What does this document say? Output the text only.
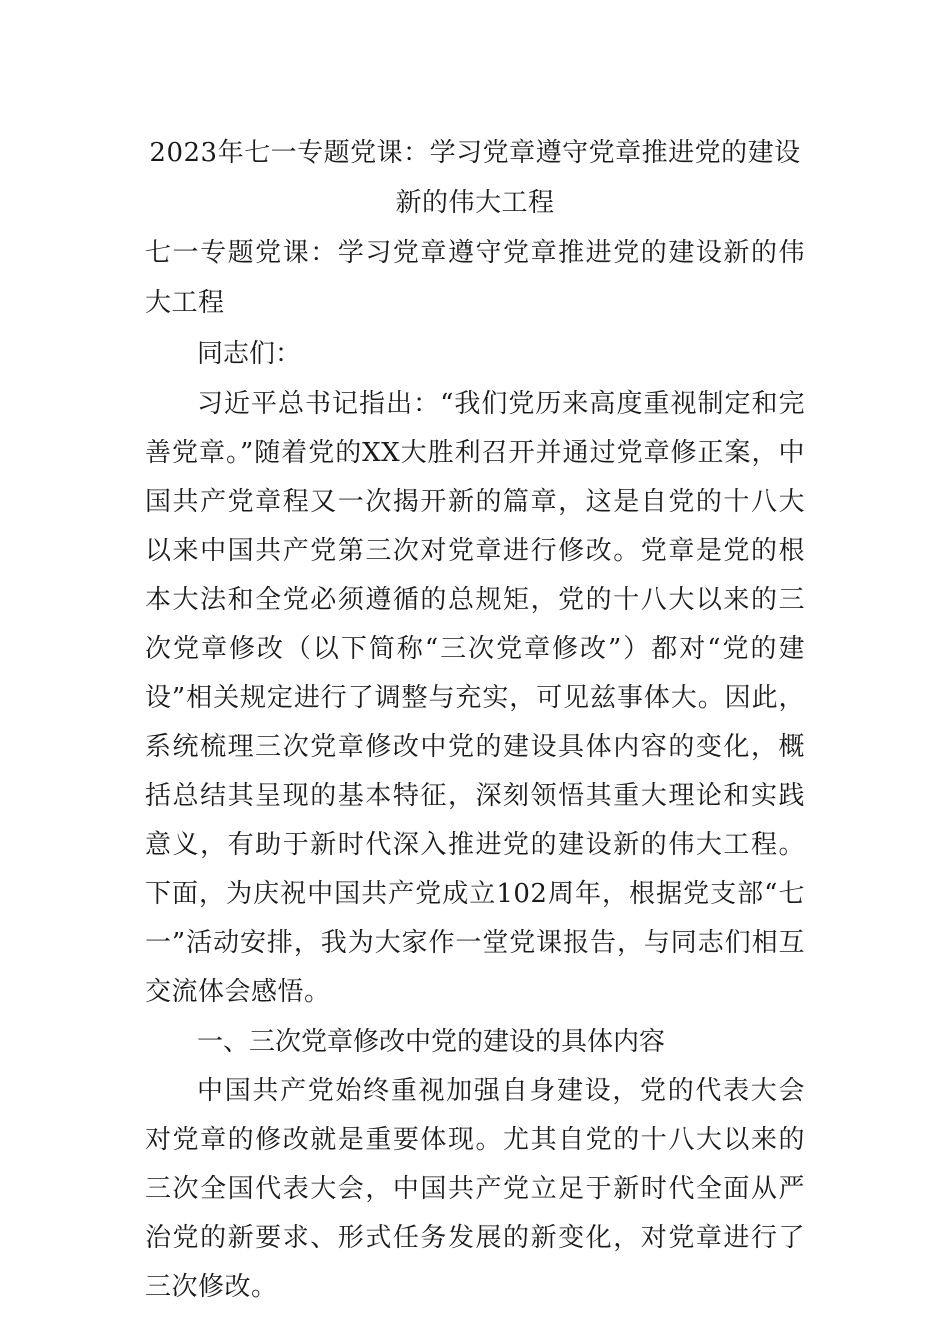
2023年七一专题党课：学习党章遵守党章推进党的建设新的伟大工程

七一专题党课：学习党章遵守党章推进党的建设新的伟大工程

同志们：

习近平总书记指出：“我们党历来高度重视制定和完善党章。”随着党的XX大胜利召开并通过党章修正案，中国共产党章程又一次揭开新的篇章，这是自党的十八大以来中国共产党第三次对党章进行修改。党章是党的根本大法和全党必须遵循的总规矩，党的十八大以来的三次党章修改（以下简称“三次党章修改”）都对“党的建设”相关规定进行了调整与充实，可见兹事体大。因此，系统梳理三次党章修改中党的建设具体内容的变化，概括总结其呈现的基本特征，深刻领悟其重大理论和实践意义，有助于新时代深入推进党的建设新的伟大工程。下面，为庆祝中国共产党成立102周年，根据党支部“七一”活动安排，我为大家作一堂党课报告，与同志们相互交流体会感悟。

一、三次党章修改中党的建设的具体内容

中国共产党始终重视加强自身建设，党的代表大会对党章的修改就是重要体现。尤其自党的十八大以来的三次全国代表大会，中国共产党立足于新时代全面从严治党的新要求、形式任务发展的新变化，对党章进行了三次修改。
